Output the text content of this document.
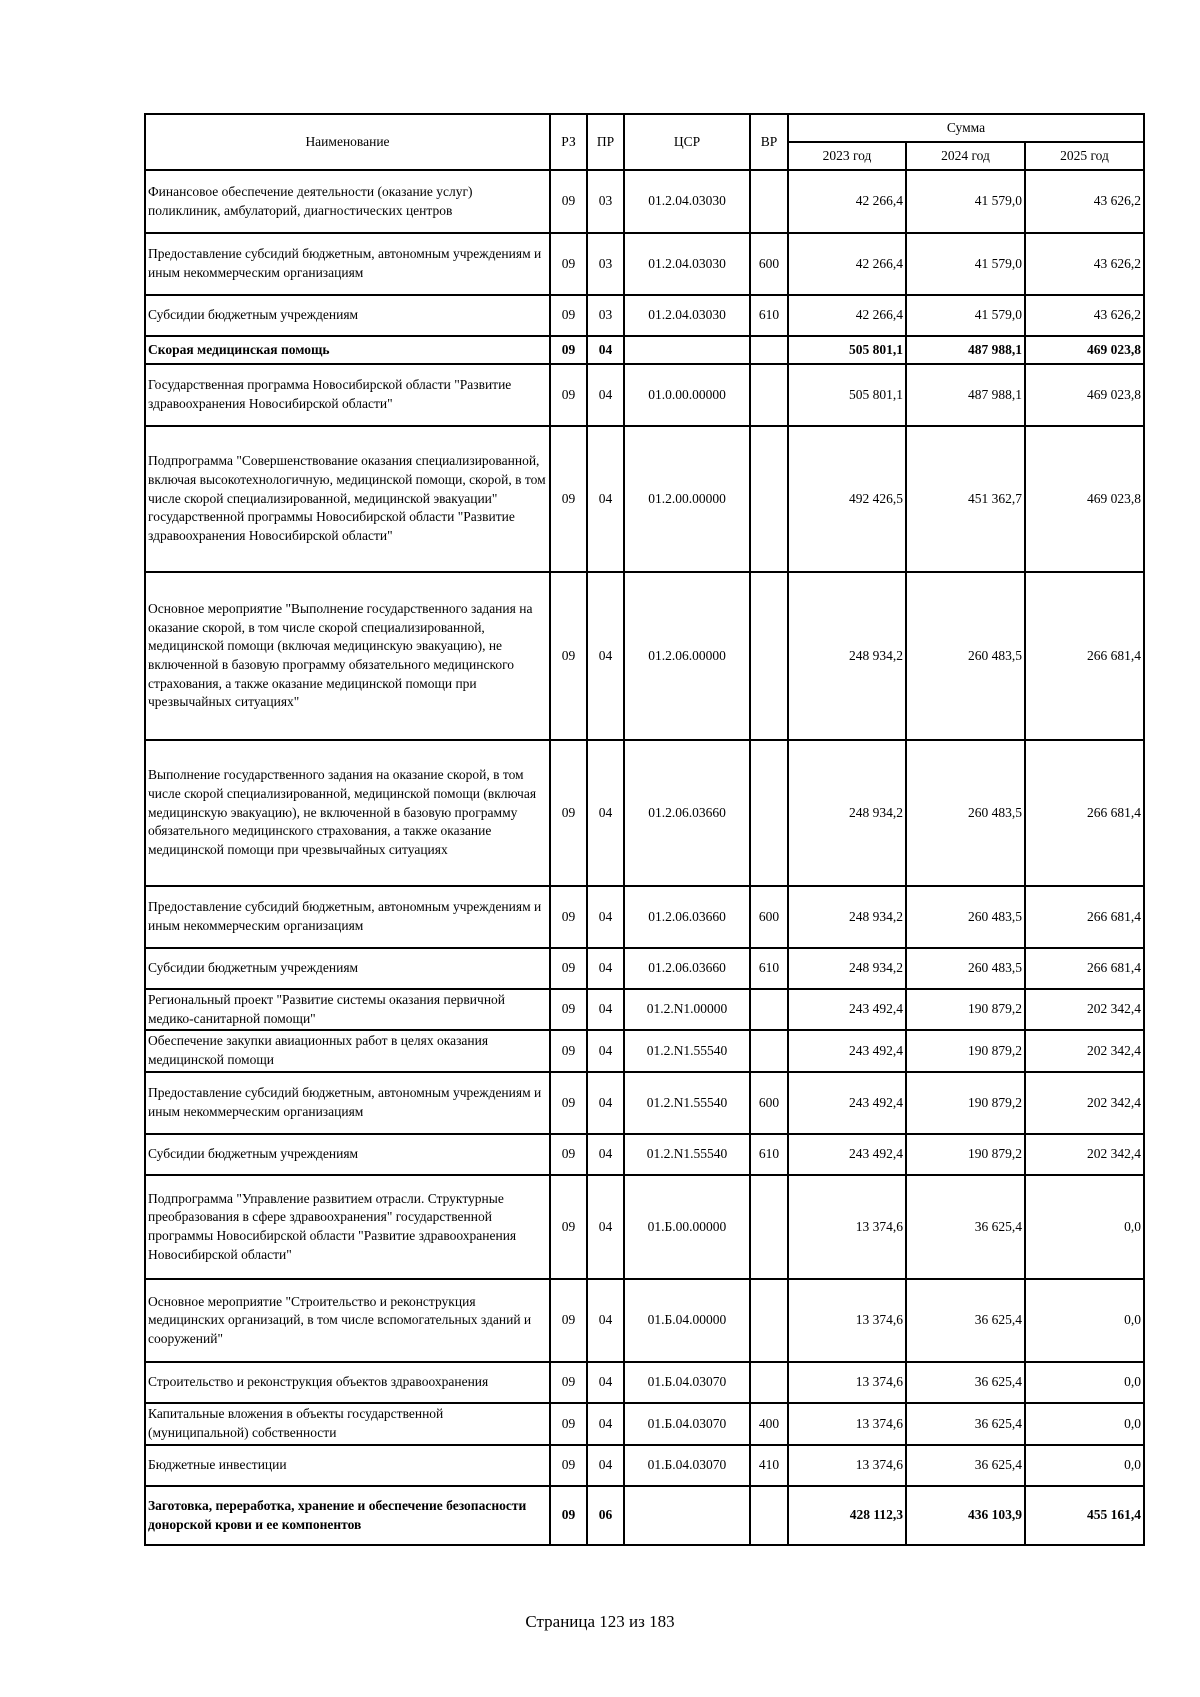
Наименование	РЗ	ПР	ЦСР	ВР	Сумма		
					2023 год	2024 год	2025 год
Финансовое обеспечение деятельности (оказание услуг) поликлиник, амбулаторий, диагностических центров	09	03	01.2.04.03030		42 266,4	41 579,0	43 626,2
Предоставление субсидий бюджетным, автономным учреждениям и иным некоммерческим организациям	09	03	01.2.04.03030	600	42 266,4	41 579,0	43 626,2
Субсидии бюджетным учреждениям	09	03	01.2.04.03030	610	42 266,4	41 579,0	43 626,2
Скорая медицинская помощь	09	04			505 801,1	487 988,1	469 023,8
Государственная программа Новосибирской области "Развитие здравоохранения Новосибирской области"	09	04	01.0.00.00000		505 801,1	487 988,1	469 023,8
Подпрограмма "Совершенствование оказания специализированной, включая высокотехнологичную, медицинской помощи, скорой, в том числе скорой специализированной, медицинской эвакуации" государственной программы Новосибирской области "Развитие здравоохранения Новосибирской области"	09	04	01.2.00.00000		492 426,5	451 362,7	469 023,8
Основное мероприятие "Выполнение государственного задания на оказание скорой, в том числе скорой специализированной, медицинской помощи (включая медицинскую эвакуацию), не включенной в базовую программу обязательного медицинского страхования, а также оказание медицинской помощи при чрезвычайных ситуациях"	09	04	01.2.06.00000		248 934,2	260 483,5	266 681,4
Выполнение государственного задания на оказание скорой, в том числе скорой специализированной, медицинской помощи (включая медицинскую эвакуацию), не включенной в базовую программу обязательного медицинского страхования, а также оказание медицинской помощи при чрезвычайных ситуациях	09	04	01.2.06.03660		248 934,2	260 483,5	266 681,4
Предоставление субсидий бюджетным, автономным учреждениям и иным некоммерческим организациям	09	04	01.2.06.03660	600	248 934,2	260 483,5	266 681,4
Субсидии бюджетным учреждениям	09	04	01.2.06.03660	610	248 934,2	260 483,5	266 681,4
Региональный проект "Развитие системы оказания первичной медико-санитарной помощи"	09	04	01.2.N1.00000		243 492,4	190 879,2	202 342,4
Обеспечение закупки авиационных работ в целях оказания медицинской помощи	09	04	01.2.N1.55540		243 492,4	190 879,2	202 342,4
Предоставление субсидий бюджетным, автономным учреждениям и иным некоммерческим организациям	09	04	01.2.N1.55540	600	243 492,4	190 879,2	202 342,4
Субсидии бюджетным учреждениям	09	04	01.2.N1.55540	610	243 492,4	190 879,2	202 342,4
Подпрограмма "Управление развитием отрасли. Структурные преобразования в сфере здравоохранения" государственной программы Новосибирской области "Развитие здравоохранения Новосибирской области"	09	04	01.Б.00.00000		13 374,6	36 625,4	0,0
Основное мероприятие "Строительство и реконструкция медицинских организаций, в том числе вспомогательных зданий и сооружений"	09	04	01.Б.04.00000		13 374,6	36 625,4	0,0
Строительство и реконструкция объектов здравоохранения	09	04	01.Б.04.03070		13 374,6	36 625,4	0,0
Капитальные вложения в объекты государственной (муниципальной) собственности	09	04	01.Б.04.03070	400	13 374,6	36 625,4	0,0
Бюджетные инвестиции	09	04	01.Б.04.03070	410	13 374,6	36 625,4	0,0
Заготовка, переработка, хранение и обеспечение безопасности донорской крови и ее компонентов	09	06			428 112,3	436 103,9	455 161,4
Страница 123 из 183
